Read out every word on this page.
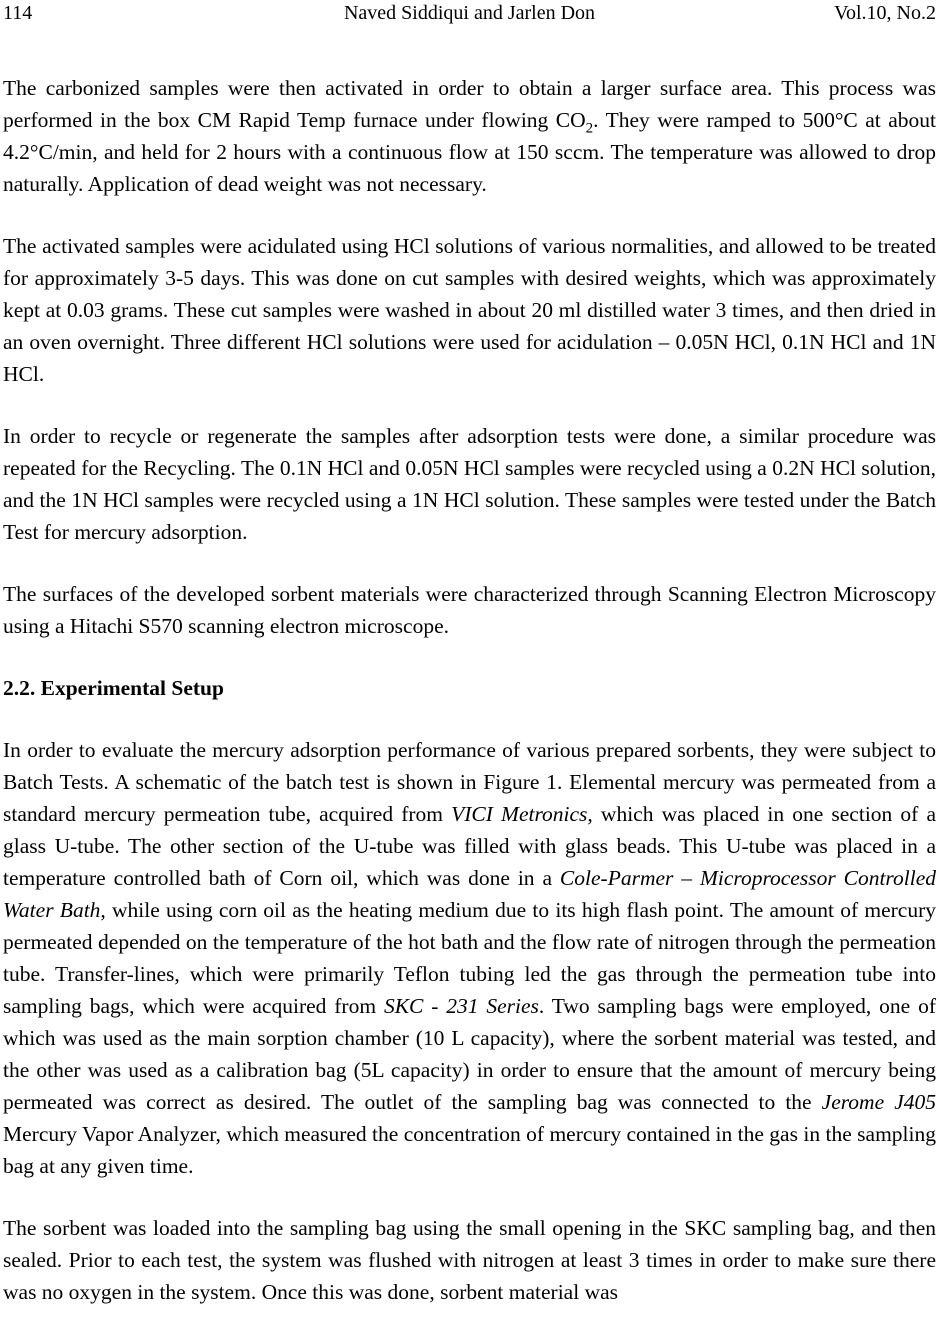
114	Naved Siddiqui and Jarlen Don	Vol.10, No.2

The carbonized samples were then activated in order to obtain a larger surface area. This process was performed in the box CM Rapid Temp furnace under flowing $CO_2$. They were ramped to 500°C at about 4.2°C/min, and held for 2 hours with a continuous flow at 150 sccm. The temperature was allowed to drop naturally. Application of dead weight was not necessary.

The activated samples were acidulated using HCl solutions of various normalities, and allowed to be treated for approximately 3-5 days. This was done on cut samples with desired weights, which was approximately kept at 0.03 grams. These cut samples were washed in about 20 ml distilled water 3 times, and then dried in an oven overnight. Three different HCl solutions were used for acidulation – 0.05N HCl, 0.1N HCl and 1N HCl.

In order to recycle or regenerate the samples after adsorption tests were done, a similar procedure was repeated for the Recycling. The 0.1N HCl and 0.05N HCl samples were recycled using a 0.2N HCl solution, and the 1N HCl samples were recycled using a 1N HCl solution. These samples were tested under the Batch Test for mercury adsorption.

The surfaces of the developed sorbent materials were characterized through Scanning Electron Microscopy using a Hitachi S570 scanning electron microscope.

2.2. Experimental Setup

In order to evaluate the mercury adsorption performance of various prepared sorbents, they were subject to Batch Tests. A schematic of the batch test is shown in Figure 1. Elemental mercury was permeated from a standard mercury permeation tube, acquired from VICI Metronics, which was placed in one section of a glass U-tube. The other section of the U-tube was filled with glass beads. This U-tube was placed in a temperature controlled bath of Corn oil, which was done in a Cole-Parmer – Microprocessor Controlled Water Bath, while using corn oil as the heating medium due to its high flash point. The amount of mercury permeated depended on the temperature of the hot bath and the flow rate of nitrogen through the permeation tube. Transfer-lines, which were primarily Teflon tubing led the gas through the permeation tube into sampling bags, which were acquired from SKC - 231 Series. Two sampling bags were employed, one of which was used as the main sorption chamber (10 L capacity), where the sorbent material was tested, and the other was used as a calibration bag (5L capacity) in order to ensure that the amount of mercury being permeated was correct as desired. The outlet of the sampling bag was connected to the Jerome J405 Mercury Vapor Analyzer, which measured the concentration of mercury contained in the gas in the sampling bag at any given time.

The sorbent was loaded into the sampling bag using the small opening in the SKC sampling bag, and then sealed. Prior to each test, the system was flushed with nitrogen at least 3 times in order to make sure there was no oxygen in the system. Once this was done, sorbent material was
